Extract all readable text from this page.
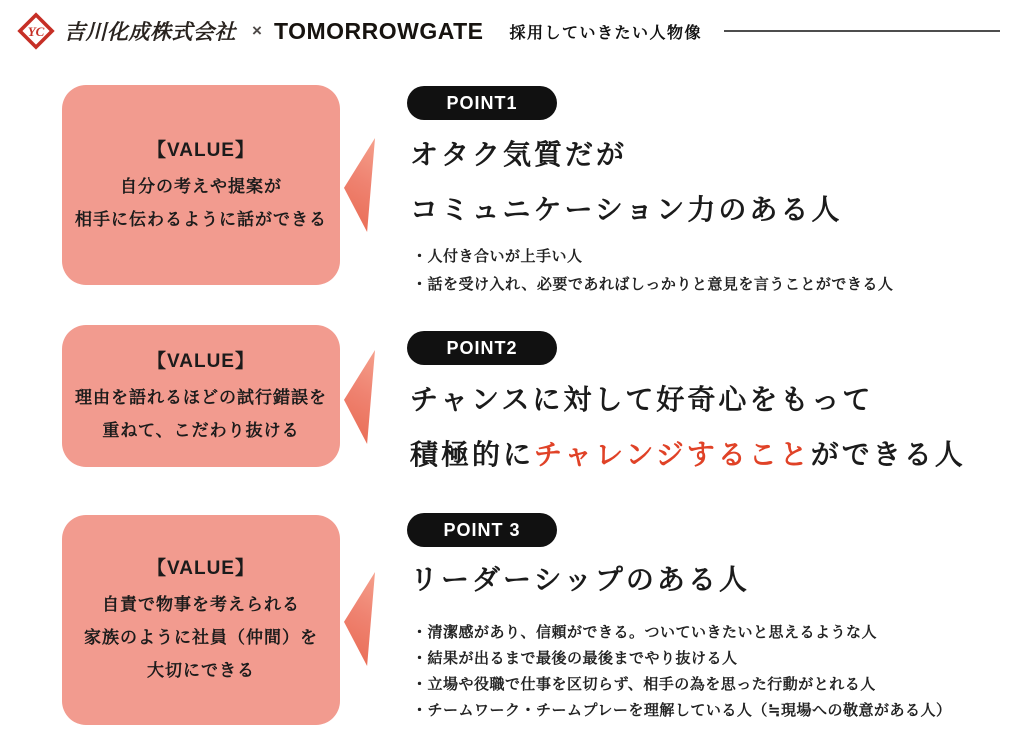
YC 吉川化成株式会社 × TOMORROWGATE 採用していきたい人物像
【VALUE】
自分の考えや提案が
相手に伝わるように話ができる
POINT1
オタク気質だが
コミュニケーション力のある人
・人付き合いが上手い人
・話を受け入れ、必要であればしっかりと意見を言うことができる人
【VALUE】
理由を語れるほどの試行錯誤を
重ねて、こだわり抜ける
POINT2
チャンスに対して好奇心をもって
積極的にチャレンジすることができる人
【VALUE】
自責で物事を考えられる
家族のように社員（仲間）を
大切にできる
POINT 3
リーダーシップのある人
・清潔感があり、信頼ができる。ついていきたいと思えるような人
・結果が出るまで最後の最後までやり抜ける人
・立場や役職で仕事を区切らず、相手の為を思った行動がとれる人
・チームワーク・チームプレーを理解している人（≒現場への敬意がある人）
